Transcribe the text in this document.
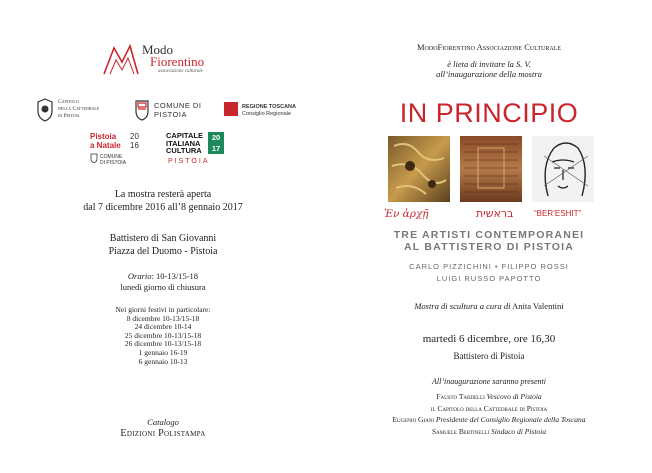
Modo
Fiorentino
associazione culturale
Capitolo
della Cattedrale
di Pistoia
COMUNE DI
PISTOIA
REGIONE TOSCANA
Consiglio Regionale
Pistoia
a Natale
20
16
COMUNE DI PISTOIA
CAPITALE
ITALIANA
CULTURA
20
17
PISTOIA
La mostra resterà aperta
dal 7 dicembre 2016 all’8 gennaio 2017
Battistero di San Giovanni
Piazza del Duomo - Pistoia
Orario: 10-13/15-18
lunedì giorno di chiusura
Nei giorni festivi in particolare:
8 dicembre 10-13/15-18
24 dicembre 10-14
25 dicembre 10-13/15-18
26 dicembre 10-13/15-18
1 gennaio 16-19
6 gennaio 10-13
Catalogo
Edizioni Polistampa
ModoFiorentino Associazione Culturale
è lieta di invitare la S. V.
all’inaugurazione della mostra
IN PRINCIPIO
Ἐν ἀρχῇ	בראשית	“BER’ESHIT”
TRE ARTISTI CONTEMPORANEI
AL BATTISTERO DI PISTOIA
CARLO PIZZICHINI • FILIPPO ROSSI
LUIGI RUSSO PAPOTTO
Mostra di scultura a cura di Anita Valentini
martedì 6 dicembre, ore 16,30
Battistero di Pistoia
All’inaugurazione saranno presenti
Fausto Tardelli Vescovo di Pistoia
il Capitolo della Cattedrale di Pistoia
Eugenio Giani Presidente del Consiglio Regionale della Toscana
Samuele Bertinelli Sindaco di Pistoia
